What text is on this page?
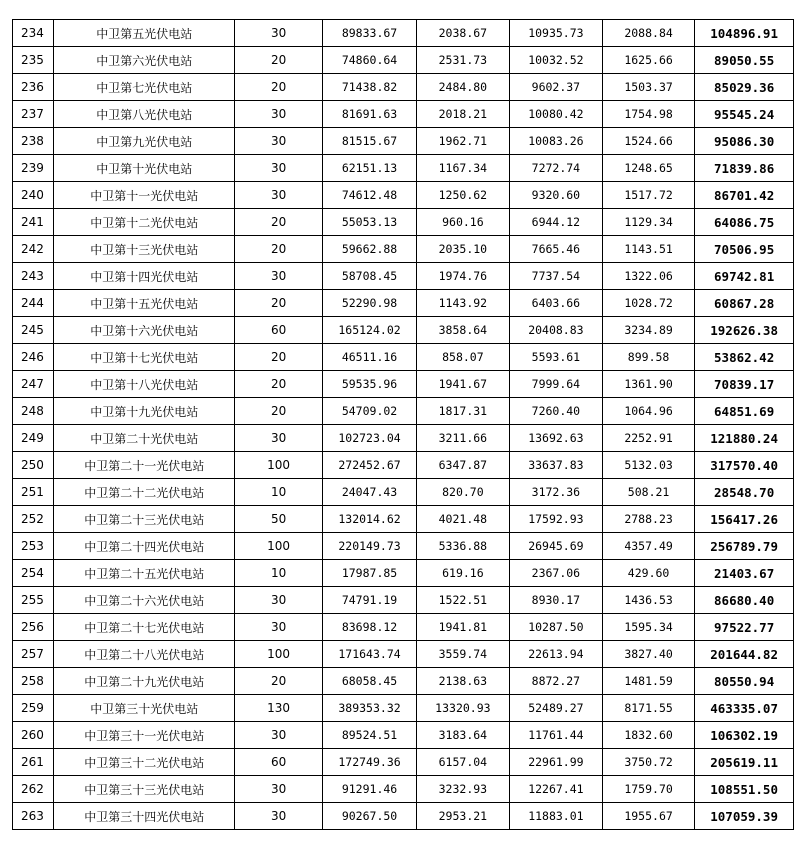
234	中卫第五光伏电站	30	89833.67	2038.67	10935.73	2088.84	104896.91
235	中卫第六光伏电站	20	74860.64	2531.73	10032.52	1625.66	89050.55
236	中卫第七光伏电站	20	71438.82	2484.80	9602.37	1503.37	85029.36
237	中卫第八光伏电站	30	81691.63	2018.21	10080.42	1754.98	95545.24
238	中卫第九光伏电站	30	81515.67	1962.71	10083.26	1524.66	95086.30
239	中卫第十光伏电站	30	62151.13	1167.34	7272.74	1248.65	71839.86
240	中卫第十一光伏电站	30	74612.48	1250.62	9320.60	1517.72	86701.42
241	中卫第十二光伏电站	20	55053.13	960.16	6944.12	1129.34	64086.75
242	中卫第十三光伏电站	20	59662.88	2035.10	7665.46	1143.51	70506.95
243	中卫第十四光伏电站	30	58708.45	1974.76	7737.54	1322.06	69742.81
244	中卫第十五光伏电站	20	52290.98	1143.92	6403.66	1028.72	60867.28
245	中卫第十六光伏电站	60	165124.02	3858.64	20408.83	3234.89	192626.38
246	中卫第十七光伏电站	20	46511.16	858.07	5593.61	899.58	53862.42
247	中卫第十八光伏电站	20	59535.96	1941.67	7999.64	1361.90	70839.17
248	中卫第十九光伏电站	20	54709.02	1817.31	7260.40	1064.96	64851.69
249	中卫第二十光伏电站	30	102723.04	3211.66	13692.63	2252.91	121880.24
250	中卫第二十一光伏电站	100	272452.67	6347.87	33637.83	5132.03	317570.40
251	中卫第二十二光伏电站	10	24047.43	820.70	3172.36	508.21	28548.70
252	中卫第二十三光伏电站	50	132014.62	4021.48	17592.93	2788.23	156417.26
253	中卫第二十四光伏电站	100	220149.73	5336.88	26945.69	4357.49	256789.79
254	中卫第二十五光伏电站	10	17987.85	619.16	2367.06	429.60	21403.67
255	中卫第二十六光伏电站	30	74791.19	1522.51	8930.17	1436.53	86680.40
256	中卫第二十七光伏电站	30	83698.12	1941.81	10287.50	1595.34	97522.77
257	中卫第二十八光伏电站	100	171643.74	3559.74	22613.94	3827.40	201644.82
258	中卫第二十九光伏电站	20	68058.45	2138.63	8872.27	1481.59	80550.94
259	中卫第三十光伏电站	130	389353.32	13320.93	52489.27	8171.55	463335.07
260	中卫第三十一光伏电站	30	89524.51	3183.64	11761.44	1832.60	106302.19
261	中卫第三十二光伏电站	60	172749.36	6157.04	22961.99	3750.72	205619.11
262	中卫第三十三光伏电站	30	91291.46	3232.93	12267.41	1759.70	108551.50
263	中卫第三十四光伏电站	30	90267.50	2953.21	11883.01	1955.67	107059.39
